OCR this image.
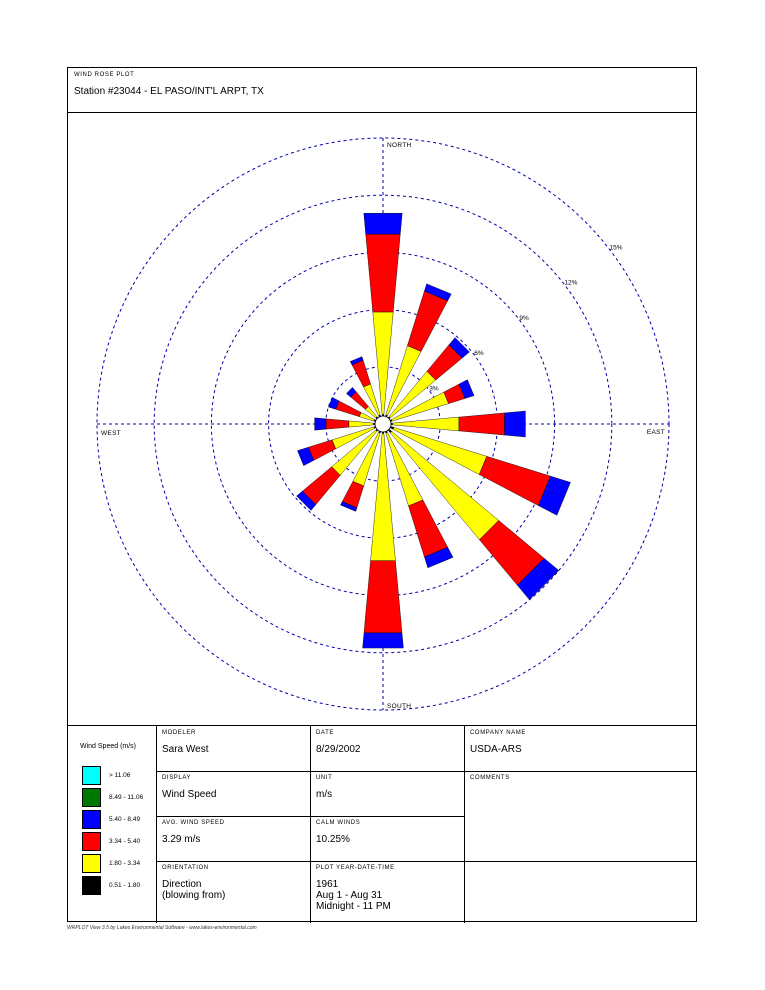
WIND ROSE PLOT
Station #23044 - EL PASO/INT'L ARPT, TX
3%
6%
9%
12%
15%
NORTH
SOUTH
WEST	EAST
Wind Speed (m/s)
> 11.06
8.49 - 11.06
5.40 - 8.49
3.34 - 5.40
1.80 - 3.34
0.51 - 1.80
MODELER
Sara West
DATE
8/29/2002
COMPANY NAME
USDA-ARS
DISPLAY
Wind Speed
UNIT
m/s
COMMENTS
AVG. WIND SPEED
3.29 m/s
CALM WINDS
10.25%
ORIENTATION
Direction
(blowing from)
PLOT YEAR-DATE-TIME
1961
Aug 1 - Aug 31
Midnight - 11 PM
WRPLOT View 3.5 by Lakes Environmental Software - www.lakes-environmental.com
